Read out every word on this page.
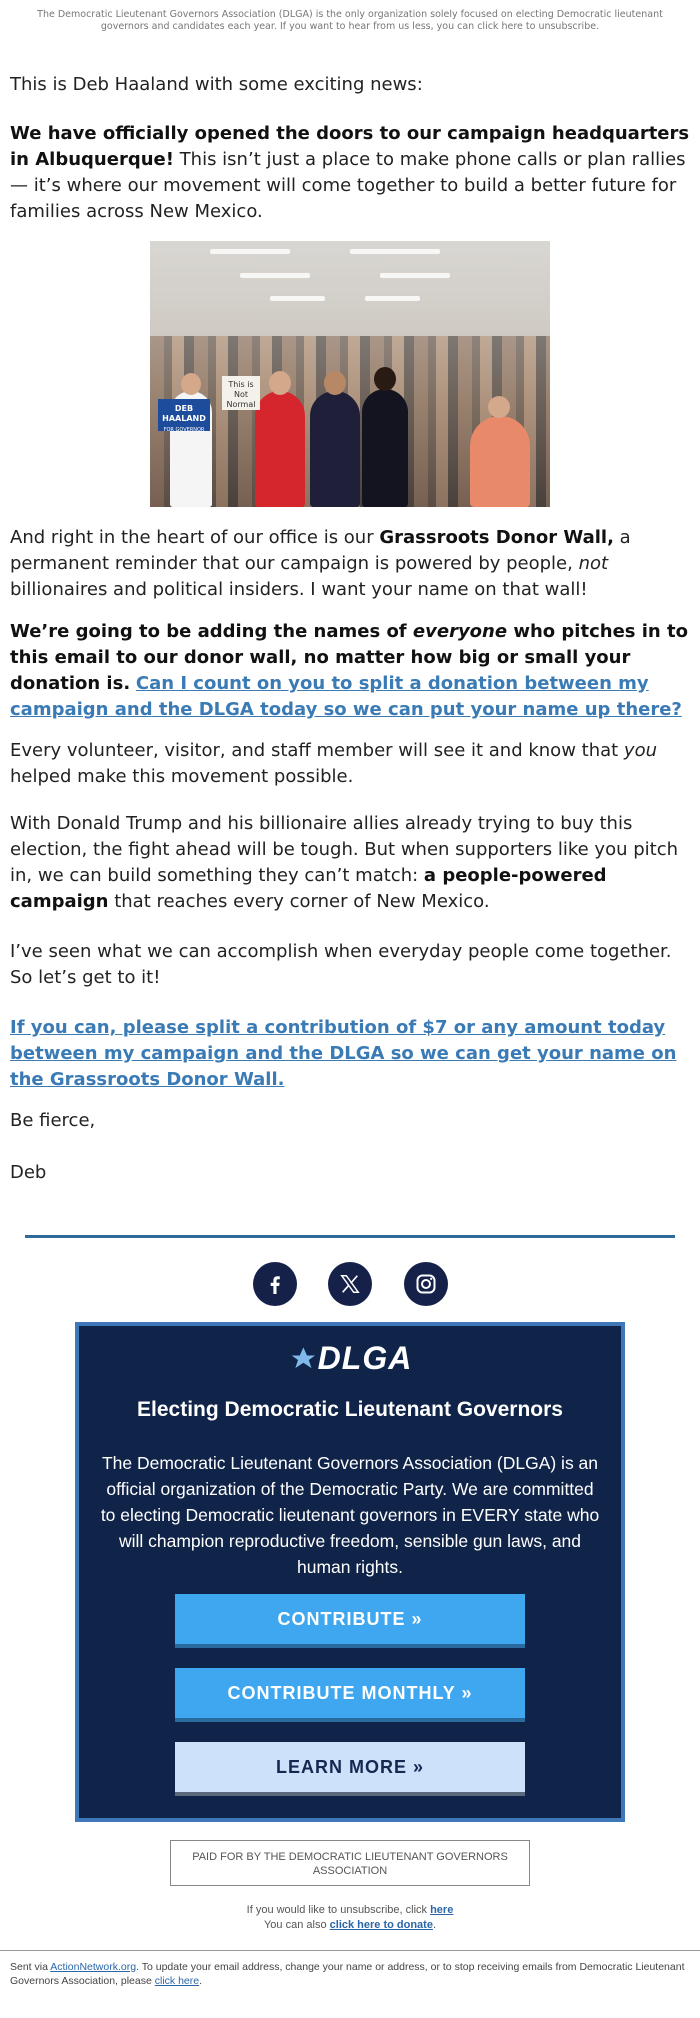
The Democratic Lieutenant Governors Association (DLGA) is the only organization solely focused on electing Democratic lieutenant governors and candidates each year. If you want to hear from us less, you can click here to unsubscribe.
This is Deb Haaland with some exciting news:
We have officially opened the doors to our campaign headquarters in Albuquerque! This isn’t just a place to make phone calls or plan rallies — it’s where our movement will come together to build a better future for families across New Mexico.
DEB HAALAND
FOR GOVERNOR
This is Not Normal
And right in the heart of our office is our Grassroots Donor Wall, a permanent reminder that our campaign is powered by people, not billionaires and political insiders. I want your name on that wall!
We’re going to be adding the names of everyone who pitches in to this email to our donor wall, no matter how big or small your donation is. Can I count on you to split a donation between my campaign and the DLGA today so we can put your name up there?
Every volunteer, visitor, and staff member will see it and know that you helped make this movement possible.
With Donald Trump and his billionaire allies already trying to buy this election, the fight ahead will be tough. But when supporters like you pitch in, we can build something they can’t match: a people-powered campaign that reaches every corner of New Mexico.
I’ve seen what we can accomplish when everyday people come together. So let’s get to it!
If you can, please split a contribution of $7 or any amount today between my campaign and the DLGA so we can get your name on the Grassroots Donor Wall.
Be fierce,
Deb
DLGA
Electing Democratic Lieutenant Governors
The Democratic Lieutenant Governors Association (DLGA) is an official organization of the Democratic Party. We are committed to electing Democratic lieutenant governors in EVERY state who will champion reproductive freedom, sensible gun laws, and human rights.
CONTRIBUTE »
CONTRIBUTE MONTHLY »
LEARN MORE »
PAID FOR BY THE DEMOCRATIC LIEUTENANT GOVERNORS ASSOCIATION
If you would like to unsubscribe, click here
You can also click here to donate.
Sent via ActionNetwork.org. To update your email address, change your name or address, or to stop receiving emails from Democratic Lieutenant Governors Association, please click here.
